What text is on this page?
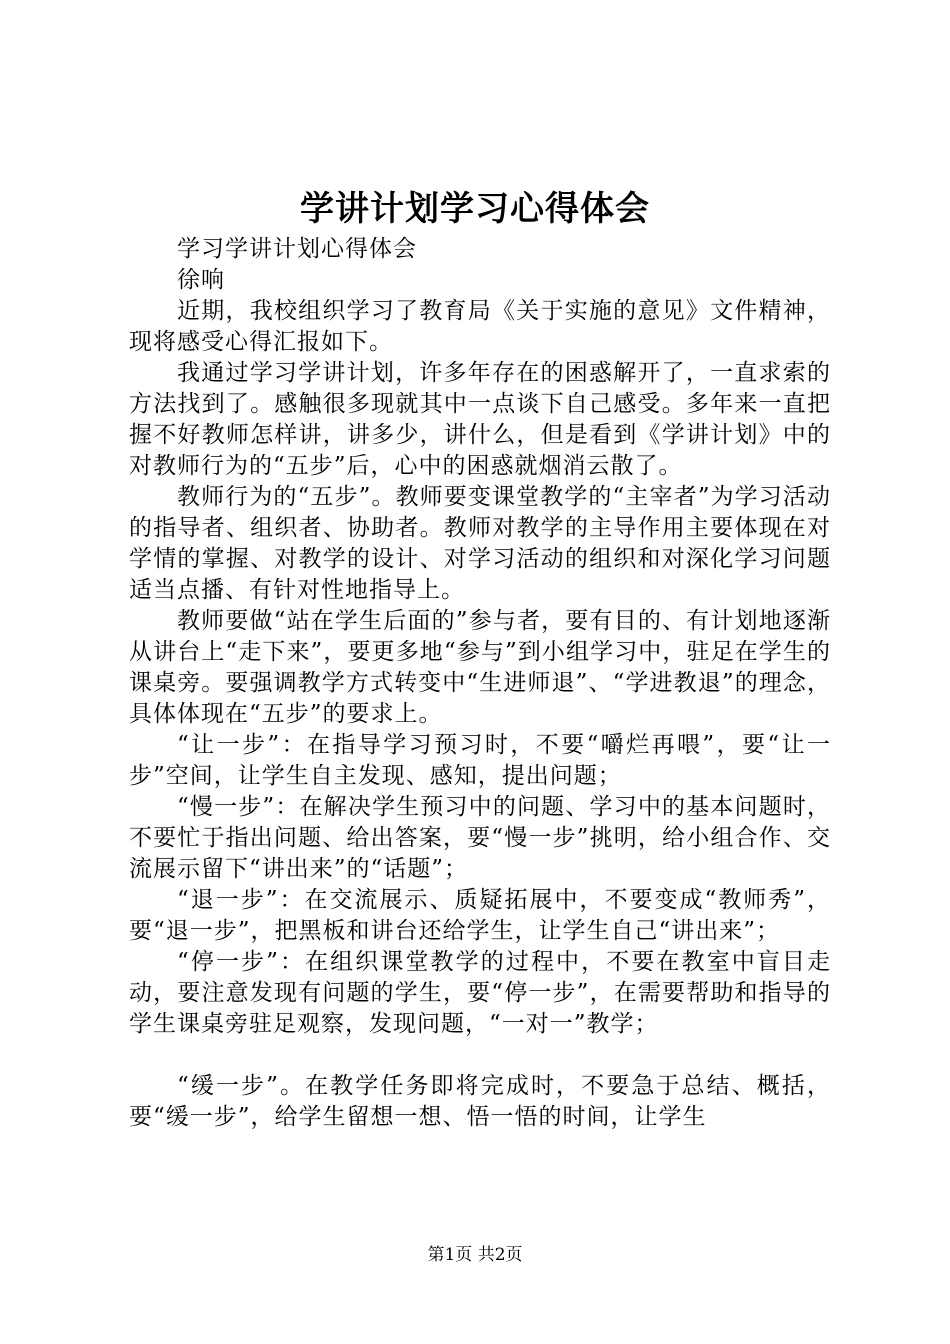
学讲计划学习心得体会

学习学讲计划心得体会

徐响

近期，我校组织学习了教育局《关于实施的意见》文件精神，现将感受心得汇报如下。

我通过学习学讲计划，许多年存在的困惑解开了，一直求索的方法找到了。感触很多现就其中一点谈下自己感受。多年来一直把握不好教师怎样讲，讲多少，讲什么，但是看到《学讲计划》中的对教师行为的“五步”后，心中的困惑就烟消云散了。

教师行为的“五步”。教师要变课堂教学的“主宰者”为学习活动的指导者、组织者、协助者。教师对教学的主导作用主要体现在对学情的掌握、对教学的设计、对学习活动的组织和对深化学习问题适当点播、有针对性地指导上。

教师要做“站在学生后面的”参与者，要有目的、有计划地逐渐从讲台上“走下来”，要更多地“参与”到小组学习中，驻足在学生的课桌旁。要强调教学方式转变中“生进师退”、“学进教退”的理念，具体体现在“五步”的要求上。

“让一步”：在指导学习预习时，不要“嚼烂再喂”，要“让一步”空间，让学生自主发现、感知，提出问题；

“慢一步”：在解决学生预习中的问题、学习中的基本问题时，不要忙于指出问题、给出答案，要“慢一步”挑明，给小组合作、交流展示留下“讲出来”的“话题”；

“退一步”：在交流展示、质疑拓展中，不要变成“教师秀”，要“退一步”，把黑板和讲台还给学生，让学生自己“讲出来”；

“停一步”：在组织课堂教学的过程中，不要在教室中盲目走动，要注意发现有问题的学生，要“停一步”，在需要帮助和指导的学生课桌旁驻足观察，发现问题，“一对一”教学；

“缓一步”。在教学任务即将完成时，不要急于总结、概括，要“缓一步”，给学生留想一想、悟一悟的时间，让学生

第1页 共2页
